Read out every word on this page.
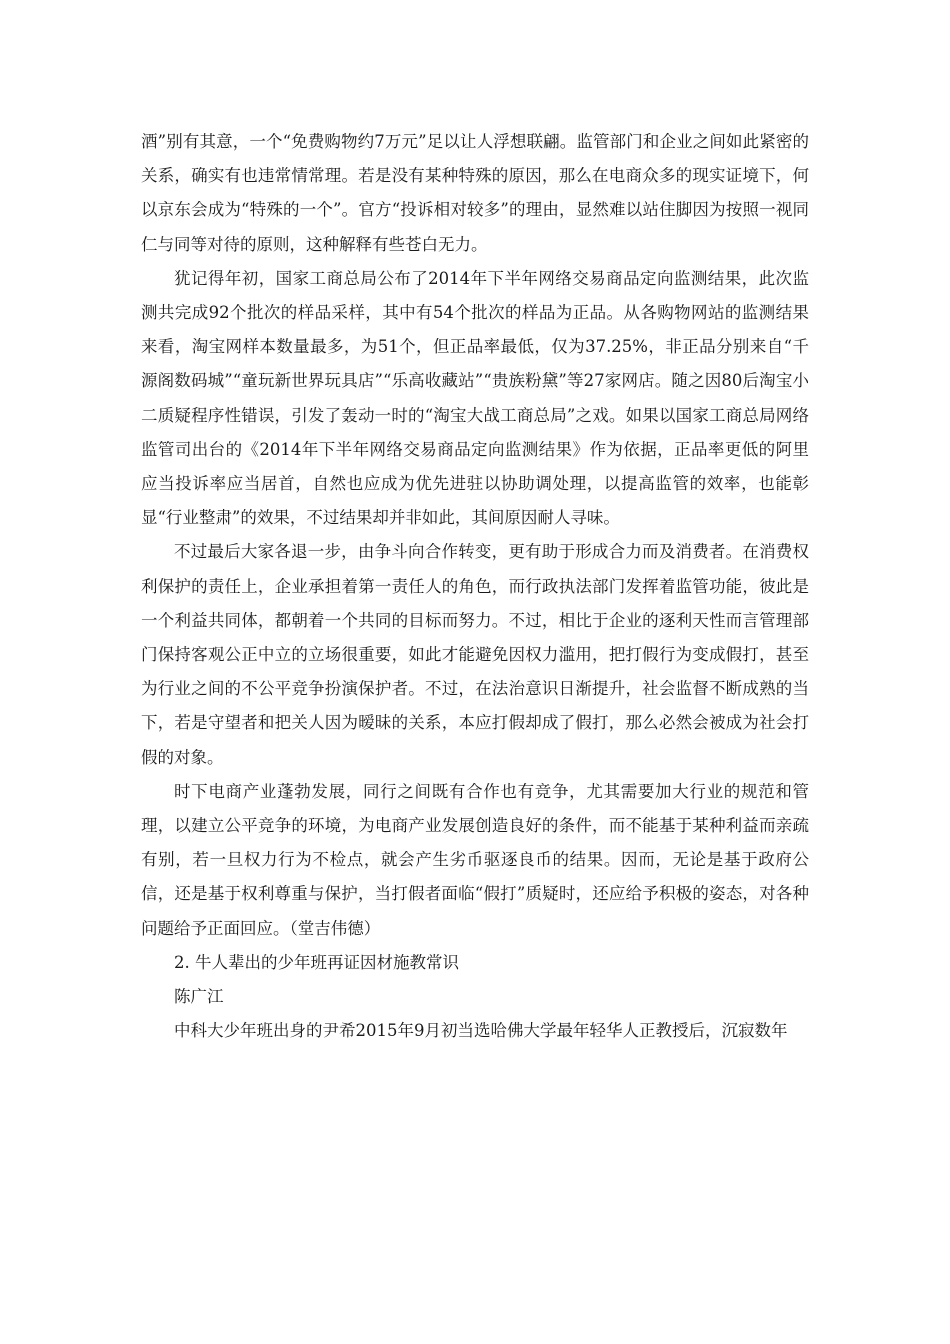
酒”别有其意，一个“免费购物约7万元”足以让人浮想联翩。监管部门和企业之间如此紧密的关系，确实有也违常情常理。若是没有某种特殊的原因，那么在电商众多的现实证境下，何以京东会成为“特殊的一个”。官方“投诉相对较多”的理由，显然难以站住脚因为按照一视同仁与同等对待的原则，这种解释有些苍白无力。

犹记得年初，国家工商总局公布了2014年下半年网络交易商品定向监测结果，此次监测共完成92个批次的样品采样，其中有54个批次的样品为正品。从各购物网站的监测结果来看，淘宝网样本数量最多，为51个，但正品率最低，仅为37.25%，非正品分别来自“千源阁数码城”“童玩新世界玩具店”“乐高收藏站”“贵族粉黛”等27家网店。随之因80后淘宝小二质疑程序性错误，引发了轰动一时的“淘宝大战工商总局”之戏。如果以国家工商总局网络监管司出台的《2014年下半年网络交易商品定向监测结果》作为依据，正品率更低的阿里应当投诉率应当居首，自然也应成为优先进驻以协助调处理，以提高监管的效率，也能彰显“行业整肃”的效果，不过结果却并非如此，其间原因耐人寻味。

不过最后大家各退一步，由争斗向合作转变，更有助于形成合力而及消费者。在消费权利保护的责任上，企业承担着第一责任人的角色，而行政执法部门发挥着监管功能，彼此是一个利益共同体，都朝着一个共同的目标而努力。不过，相比于企业的逐利天性而言管理部门保持客观公正中立的立场很重要，如此才能避免因权力滥用，把打假行为变成假打，甚至为行业之间的不公平竞争扮演保护者。不过，在法治意识日渐提升，社会监督不断成熟的当下，若是守望者和把关人因为暧昧的关系，本应打假却成了假打，那么必然会被成为社会打假的对象。

时下电商产业蓬勃发展，同行之间既有合作也有竞争，尤其需要加大行业的规范和管理，以建立公平竞争的环境，为电商产业发展创造良好的条件，而不能基于某种利益而亲疏有别，若一旦权力行为不检点，就会产生劣币驱逐良币的结果。因而，无论是基于政府公信，还是基于权利尊重与保护，当打假者面临“假打”质疑时，还应给予积极的姿态，对各种问题给予正面回应。（堂吉伟德）

2. 牛人辈出的少年班再证因材施教常识

陈广江

中科大少年班出身的尹希2015年9月初当选哈佛大学最年轻华人正教授后，沉寂数年
